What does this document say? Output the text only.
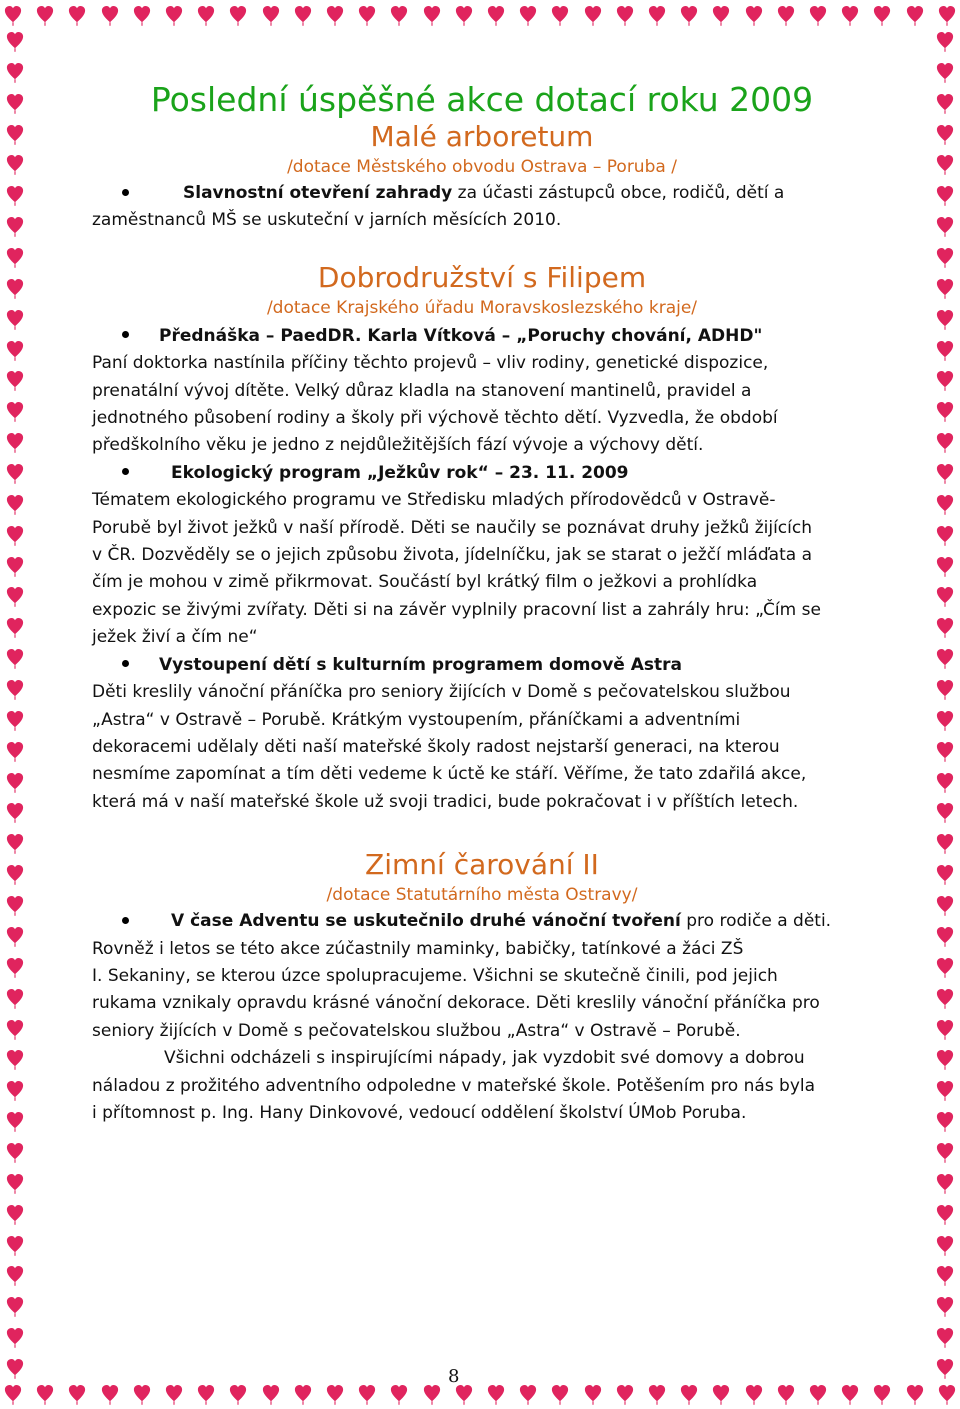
Poslední úspěšné akce dotací roku 2009
Malé arboretum
/dotace Městského obvodu Ostrava – Poruba /

Slavnostní otevření zahrady za účasti zástupců obce, rodičů, dětí a

zaměstnanců MŠ se uskuteční v jarních měsících 2010.

Dobrodružství s Filipem
/dotace Krajského úřadu Moravskoslezského kraje/

Přednáška – PaedDR. Karla Vítková – „Poruchy chování, ADHD"

Paní doktorka nastínila příčiny těchto projevů – vliv rodiny, genetické dispozice,

prenatální vývoj dítěte. Velký důraz kladla na stanovení mantinelů, pravidel a

jednotného působení rodiny a školy při výchově těchto dětí. Vyzvedla, že období

předškolního věku je jedno z nejdůležitějších fází vývoje a výchovy dětí.

Ekologický program „Ježkův rok“ – 23. 11. 2009

Tématem ekologického programu ve Středisku mladých přírodovědců v Ostravě-

Porubě byl život ježků v naší přírodě. Děti se naučily se poznávat druhy ježků žijících

v ČR. Dozvěděly se o jejich způsobu života, jídelníčku, jak se starat o ježčí mláďata a

čím je mohou v zimě přikrmovat. Součástí byl krátký film o ježkovi a prohlídka

expozic se živými zvířaty. Děti si na závěr vyplnily pracovní list a zahrály hru: „Čím se

ježek živí a čím ne“

Vystoupení dětí s kulturním programem domově Astra

Děti kreslily vánoční přáníčka pro seniory žijících v Domě s pečovatelskou službou

„Astra“ v Ostravě – Porubě. Krátkým vystoupením, přáníčkami a adventními

dekoracemi udělaly děti naší mateřské školy radost nejstarší generaci, na kterou

nesmíme zapomínat a tím děti vedeme k úctě ke stáří. Věříme, že tato zdařilá akce,

která má v naší mateřské škole už svoji tradici, bude pokračovat i v příštích letech.

Zimní čarování II
/dotace Statutárního města Ostravy/

V čase Adventu se uskutečnilo druhé vánoční tvoření pro rodiče a děti.

Rovněž i letos se této akce zúčastnily maminky, babičky, tatínkové a žáci ZŠ

I. Sekaniny, se kterou úzce spolupracujeme. Všichni se skutečně činili, pod jejich

rukama vznikaly opravdu krásné vánoční dekorace. Děti kreslily vánoční přáníčka pro

seniory žijících v Domě s pečovatelskou službou „Astra“ v Ostravě – Porubě.

Všichni odcházeli s inspirujícími nápady, jak vyzdobit své domovy a dobrou

náladou z prožitého adventního odpoledne v mateřské škole. Potěšením pro nás byla

i přítomnost p. Ing. Hany Dinkovové, vedoucí oddělení školství ÚMob Poruba.

8
